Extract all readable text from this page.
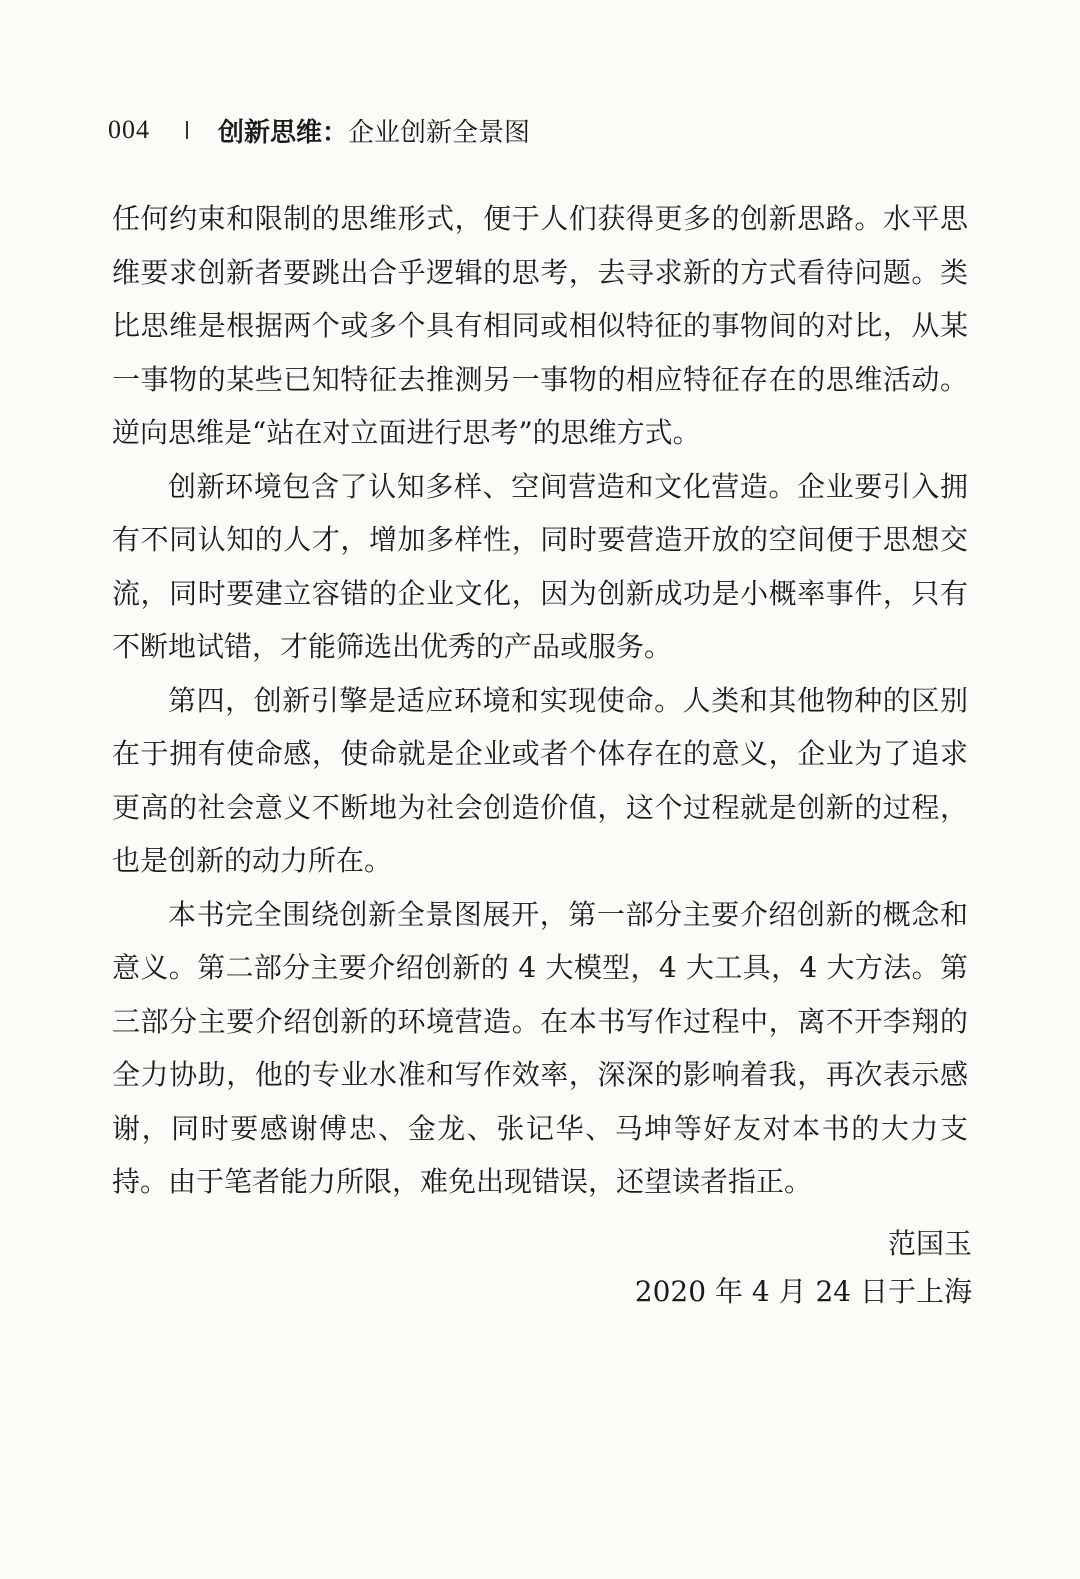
004	创新思维：企业创新全景图

任何约束和限制的思维形式，便于人们获得更多的创新思路。水平思维要求创新者要跳出合乎逻辑的思考，去寻求新的方式看待问题。类比思维是根据两个或多个具有相同或相似特征的事物间的对比，从某一事物的某些已知特征去推测另一事物的相应特征存在的思维活动。逆向思维是“站在对立面进行思考”的思维方式。

创新环境包含了认知多样、空间营造和文化营造。企业要引入拥有不同认知的人才，增加多样性，同时要营造开放的空间便于思想交流，同时要建立容错的企业文化，因为创新成功是小概率事件，只有不断地试错，才能筛选出优秀的产品或服务。

第四，创新引擎是适应环境和实现使命。人类和其他物种的区别在于拥有使命感，使命就是企业或者个体存在的意义，企业为了追求更高的社会意义不断地为社会创造价值，这个过程就是创新的过程，也是创新的动力所在。

本书完全围绕创新全景图展开，第一部分主要介绍创新的概念和意义。第二部分主要介绍创新的 4 大模型，4 大工具，4 大方法。第三部分主要介绍创新的环境营造。在本书写作过程中，离不开李翔的全力协助，他的专业水准和写作效率，深深的影响着我，再次表示感谢，同时要感谢傅忠、金龙、张记华、马坤等好友对本书的大力支持。由于笔者能力所限，难免出现错误，还望读者指正。

范国玉
2020 年 4 月 24 日于上海
